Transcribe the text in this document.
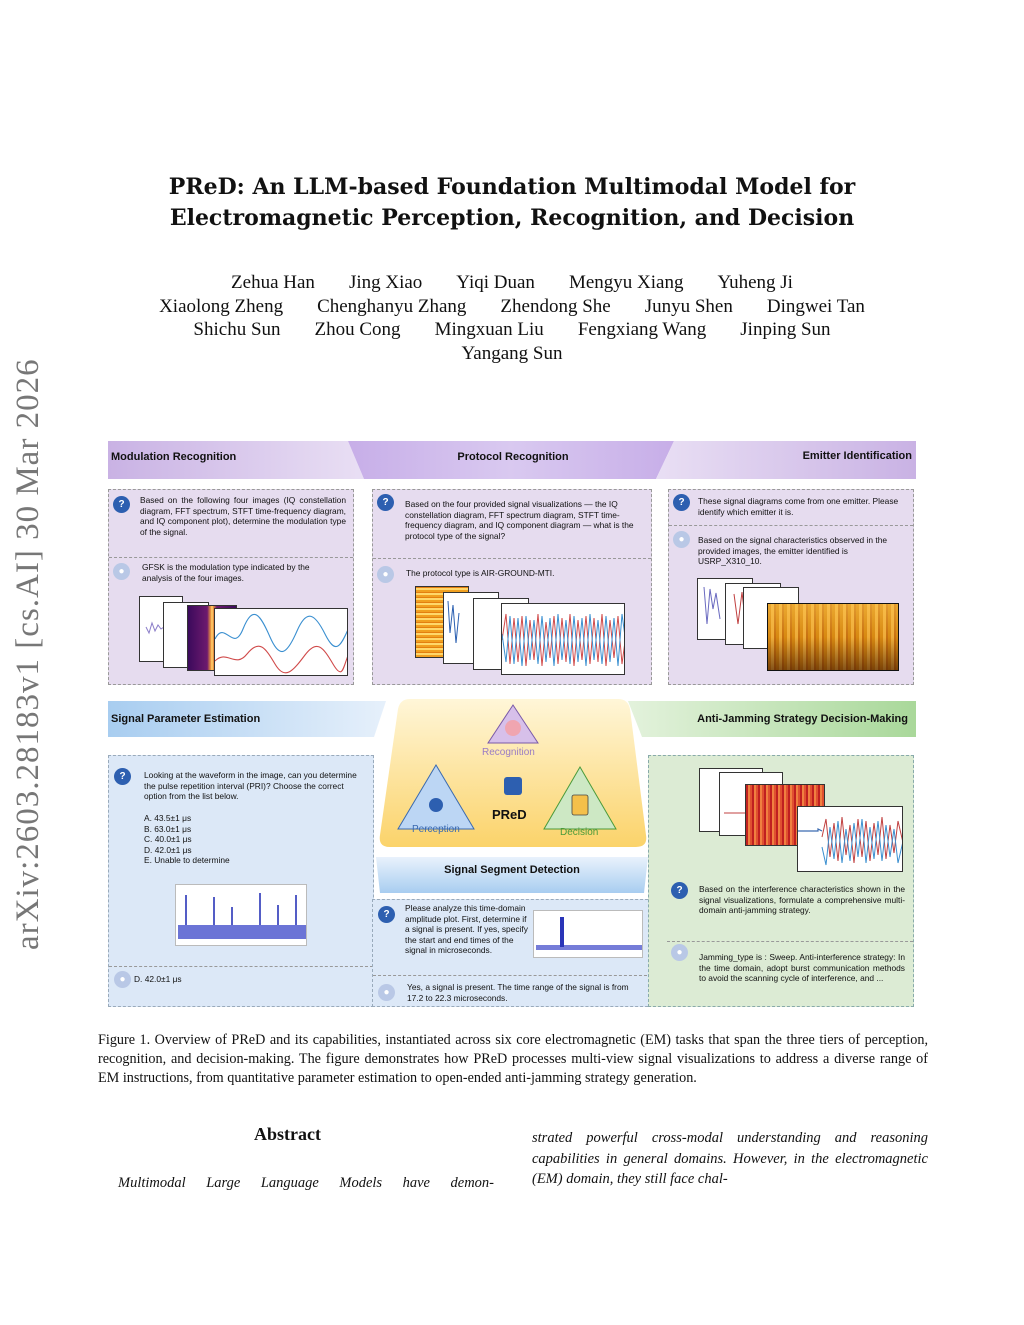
PReD: An LLM-based Foundation Multimodal Model for
Electromagnetic Perception, Recognition, and Decision
Zehua Han Jing Xiao Yiqi Duan Mengyu Xiang Yuheng Ji
Xiaolong Zheng Chenghanyu Zhang Zhendong She Junyu Shen Dingwei Tan
Shichu Sun Zhou Cong Mingxuan Liu Fengxiang Wang Jinping Sun
Yangang Sun
arXiv:2603.28183v1 [cs.AI] 30 Mar 2026	Modulation Recognition	Protocol Recognition	Emitter Identification
?	Based on the following four images (IQ constellation diagram, FFT spectrum, STFT time-frequency diagram, and IQ component plot), determine the modulation type of the signal.
●	GFSK is the modulation type indicated by the analysis of the four images.
?	Based on the four provided signal visualizations — the IQ constellation diagram, FFT spectrum diagram, STFT time-frequency diagram, and IQ component diagram — what is the protocol type of the signal?
●	The protocol type is AIR-GROUND-MTI.
?	These signal diagrams come from one emitter. Please identify which emitter it is.
●	Based on the signal characteristics observed in the provided images, the emitter identified is USRP_X310_10.
Signal Parameter Estimation	Anti-Jamming Strategy Decision-Making
?	Looking at the waveform in the image, can you determine the pulse repetition interval (PRI)? Choose the correct option from the list below.
A. 43.5±1 μs
B. 63.0±1 μs
C. 40.0±1 μs
D. 42.0±1 μs
E. Unable to determine
●	D. 42.0±1 μs
Recognition
Perception	Decision
PReD
Signal Segment Detection
?
Please analyze this time-domain amplitude plot. First, determine if a signal is present. If yes, specify the start and end times of the signal in microseconds.
●	Yes, a signal is present. The time range of the signal is from 17.2 to 22.3 microseconds.
?	Based on the interference characteristics shown in the signal visualizations, formulate a comprehensive multi-domain anti-jamming strategy.
●	Jamming_type is : Sweep. Anti-interference strategy: In the time domain, adopt burst communication methods to avoid the scanning cycle of interference, and ...
Figure 1. Overview of PReD and its capabilities, instantiated across six core electromagnetic (EM) tasks that span the three tiers of perception, recognition, and decision-making. The figure demonstrates how PReD processes multi-view signal visualizations to address a diverse range of EM instructions, from quantitative parameter estimation to open-ended anti-jamming strategy generation.
Abstract
Multimodal Large Language Models have demon-
strated powerful cross-modal understanding and reasoning capabilities in general domains. However, in the electromagnetic (EM) domain, they still face chal-
